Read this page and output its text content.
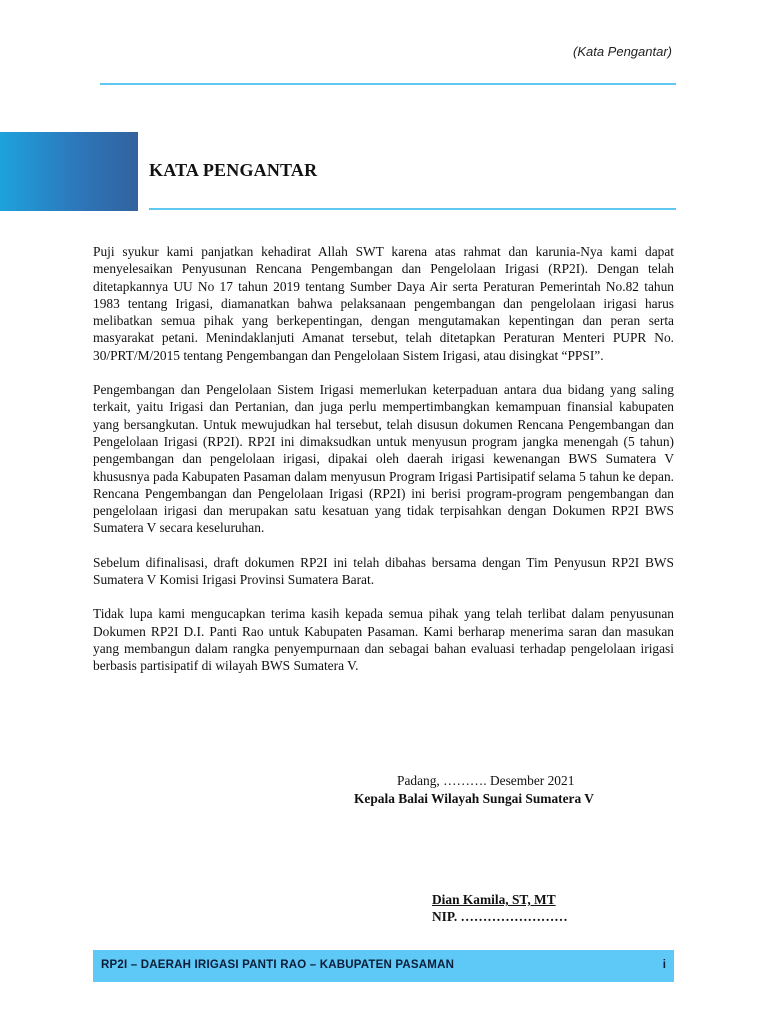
(Kata Pengantar)
KATA PENGANTAR

Puji syukur kami panjatkan kehadirat Allah SWT karena atas rahmat dan karunia-Nya kami dapat menyelesaikan Penyusunan Rencana Pengembangan dan Pengelolaan Irigasi (RP2I). Dengan telah ditetapkannya UU No 17 tahun 2019 tentang Sumber Daya Air serta Peraturan Pemerintah No.82 tahun 1983 tentang Irigasi, diamanatkan bahwa pelaksanaan pengembangan dan pengelolaan irigasi harus melibatkan semua pihak yang berkepentingan, dengan mengutamakan kepentingan dan peran serta masyarakat petani. Menindaklanjuti Amanat tersebut, telah ditetapkan Peraturan Menteri PUPR No. 30/PRT/M/2015 tentang Pengembangan dan Pengelolaan Sistem Irigasi, atau disingkat “PPSI”.

Pengembangan dan Pengelolaan Sistem Irigasi memerlukan keterpaduan antara dua bidang yang saling terkait, yaitu Irigasi dan Pertanian, dan juga perlu mempertimbangkan kemampuan finansial kabupaten yang bersangkutan. Untuk mewujudkan hal tersebut, telah disusun dokumen Rencana Pengembangan dan Pengelolaan Irigasi (RP2I). RP2I ini dimaksudkan untuk menyusun program jangka menengah (5 tahun) pengembangan dan pengelolaan irigasi, dipakai oleh daerah irigasi kewenangan BWS Sumatera V khususnya pada Kabupaten Pasaman dalam menyusun Program Irigasi Partisipatif selama 5 tahun ke depan. Rencana Pengembangan dan Pengelolaan Irigasi (RP2I) ini berisi program-program pengembangan dan pengelolaan irigasi dan merupakan satu kesatuan yang tidak terpisahkan dengan Dokumen RP2I BWS Sumatera V secara keseluruhan.

Sebelum difinalisasi, draft dokumen RP2I ini telah dibahas bersama dengan Tim Penyusun RP2I BWS Sumatera V Komisi Irigasi Provinsi Sumatera Barat.

Tidak lupa kami mengucapkan terima kasih kepada semua pihak yang telah terlibat dalam penyusunan Dokumen RP2I D.I. Panti Rao untuk Kabupaten Pasaman. Kami berharap menerima saran dan masukan yang membangun dalam rangka penyempurnaan dan sebagai bahan evaluasi terhadap pengelolaan irigasi berbasis partisipatif di wilayah BWS Sumatera V.

Padang, ………. Desember 2021
Kepala Balai Wilayah Sungai Sumatera V
Dian Kamila, ST, MT
NIP. ……………………
RP2I – DAERAH IRIGASI PANTI RAO – KABUPATEN PASAMAN	i
